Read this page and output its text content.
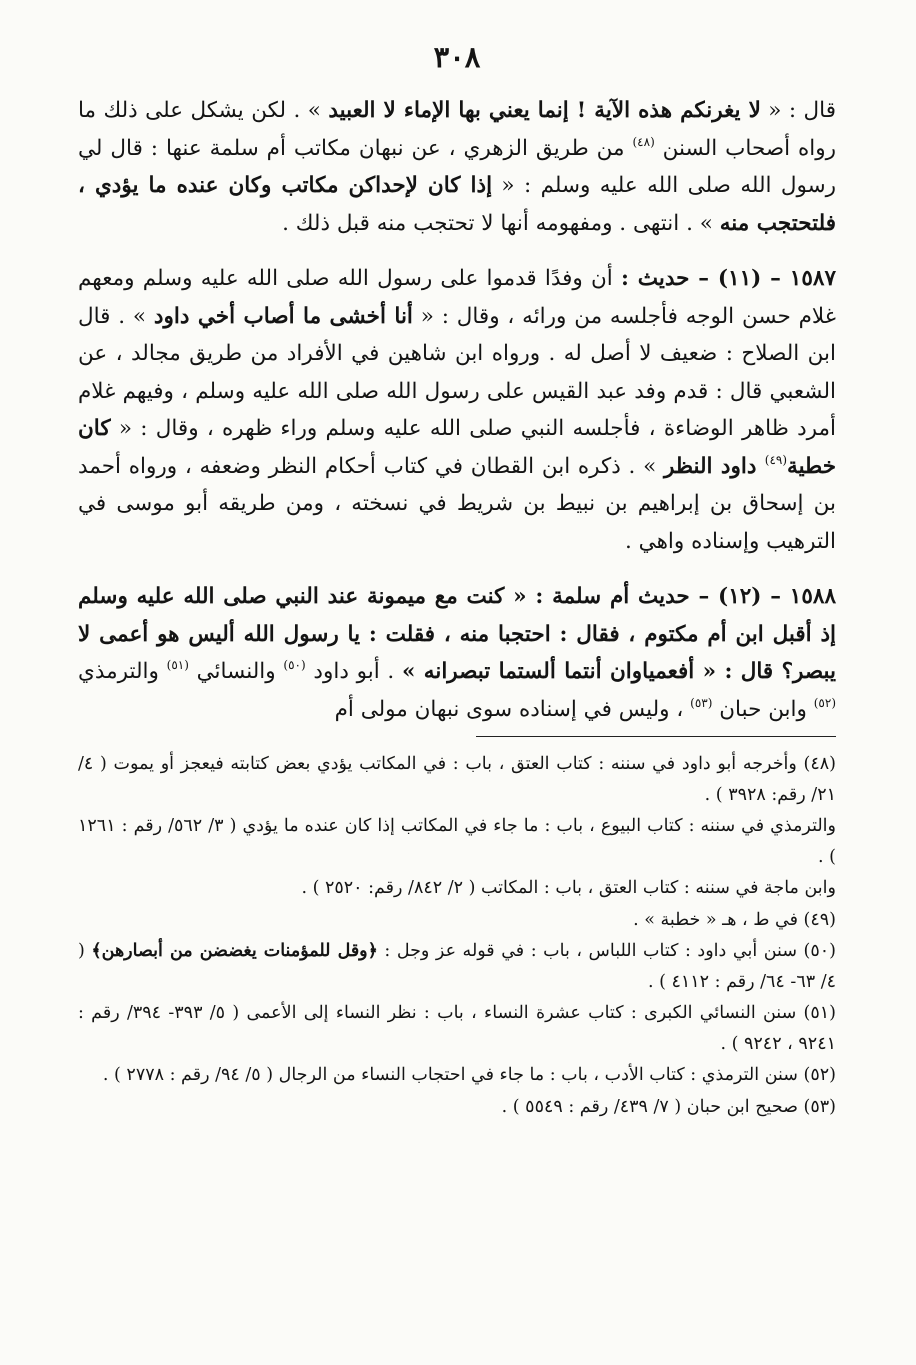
٣٠٨

قال : « لا يغرنكم هذه الآية ! إنما يعني بها الإماء لا العبيد » . لكن يشكل على ذلك ما رواه أصحاب السنن $^{(٤٨)}$ من طريق الزهري ، عن نبهان مكاتب أم سلمة عنها : قال لي رسول الله صلى الله عليه وسلم : « إذا كان لإحداكن مكاتب وكان عنده ما يؤدي ، فلتحتجب منه » . انتهى . ومفهومه أنها لا تحتجب منه قبل ذلك .

١٥٨٧ – (١١) – حديث : أن وفدًا قدموا على رسول الله صلى الله عليه وسلم ومعهم غلام حسن الوجه فأجلسه من ورائه ، وقال : « أنا أخشى ما أصاب أخي داود » . قال ابن الصلاح : ضعيف لا أصل له . ورواه ابن شاهين في الأفراد من طريق مجالد ، عن الشعبي قال : قدم وفد عبد القيس على رسول الله صلى الله عليه وسلم ، وفيهم غلام أمرد ظاهر الوضاءة ، فأجلسه النبي صلى الله عليه وسلم وراء ظهره ، وقال : « كان خطية$^{(٤٩)}$ داود النظر » . ذكره ابن القطان في كتاب أحكام النظر وضعفه ، ورواه أحمد بن إسحاق بن إبراهيم بن نبيط بن شريط في نسخته ، ومن طريقه أبو موسى في الترهيب وإسناده واهي .

١٥٨٨ – (١٢) – حديث أم سلمة : « كنت مع ميمونة عند النبي صلى الله عليه وسلم إذ أقبل ابن أم مكتوم ، فقال : احتجبا منه ، فقلت : يا رسول الله أليس هو أعمى لا يبصر؟ قال : « أفعمياوان أنتما ألستما تبصرانه » . أبو داود $^{(٥٠)}$ والنسائي $^{(٥١)}$ والترمذي $^{(٥٢)}$ وابن حبان $^{(٥٣)}$ ، وليس في إسناده سوى نبهان مولى أم

(٤٨) وأخرجه أبو داود في سننه : كتاب العتق ، باب : في المكاتب يؤدي بعض كتابته فيعجز أو يموت ( ٤/ ٢١/ رقم: ٣٩٢٨ ) .
والترمذي في سننه : كتاب البيوع ، باب : ما جاء في المكاتب إذا كان عنده ما يؤدي ( ٣/ ٥٦٢/ رقم : ١٢٦١ ) .
وابن ماجة في سننه : كتاب العتق ، باب : المكاتب ( ٢/ ٨٤٢/ رقم: ٢٥٢٠ ) .
(٤٩) في ط ، هـ « خطبة » .
(٥٠) سنن أبي داود : كتاب اللباس ، باب : في قوله عز وجل : ﴿وقل للمؤمنات يغضضن من أبصارهن﴾ ( ٤/ ٦٣- ٦٤/ رقم : ٤١١٢ ) .
(٥١) سنن النسائي الكبرى : كتاب عشرة النساء ، باب : نظر النساء إلى الأعمى ( ٥/ ٣٩٣- ٣٩٤/ رقم : ٩٢٤١ ، ٩٢٤٢ ) .
(٥٢) سنن الترمذي : كتاب الأدب ، باب : ما جاء في احتجاب النساء من الرجال ( ٥/ ٩٤/ رقم : ٢٧٧٨ ) .
(٥٣) صحيح ابن حبان ( ٧/ ٤٣٩/ رقم : ٥٥٤٩ ) .
